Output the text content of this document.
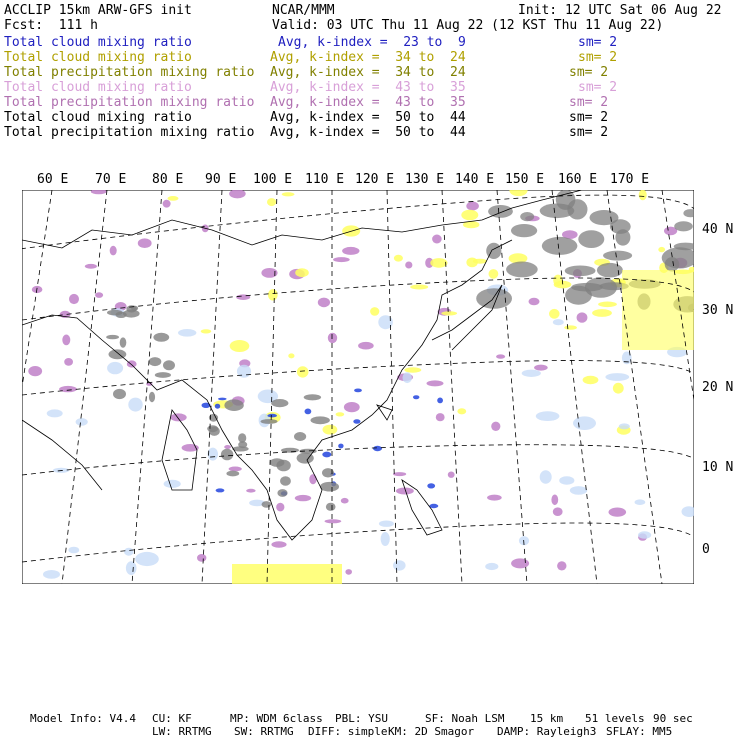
ACCLIP 15km ARW-GFS init	NCAR/MMM	Init: 12 UTC Sat 06 Aug 22
Fcst:  111 h	Valid: 03 UTC Thu 11 Aug 22 (12 KST Thu 11 Aug 22)
Total cloud mixing ratio	Avg, k-index =  23 to  9	sm= 2
Total cloud mixing ratio	Avg, k-index =  34 to  24	sm= 2
Total precipitation mixing ratio Avg, k-index =  34 to  24	sm= 2
Total cloud mixing ratio	Avg, k-index =  43 to  35	sm= 2
Total precipitation mixing ratio Avg, k-index =  43 to  35	sm= 2
Total cloud mixing ratio	Avg, k-index =  50 to  44	sm= 2
Total precipitation mixing ratio Avg, k-index =  50 to  44	sm= 2
60 E 70 E 80 E 90 E 100 E 110 E 120 E 130 E 140 E 150 E 160 E 170 E
40 N
30 N
20 N
10 N
0
Model Info: V4.4 CU: KF	MP: WDM 6class PBL: YSU	SF: Noah LSM 15 km 51 levels 90 sec
LW: RRTMG SW: RRTMG DIFF: simple KM: 2D Smagor DAMP: Rayleigh3 SFLAY: MM5
